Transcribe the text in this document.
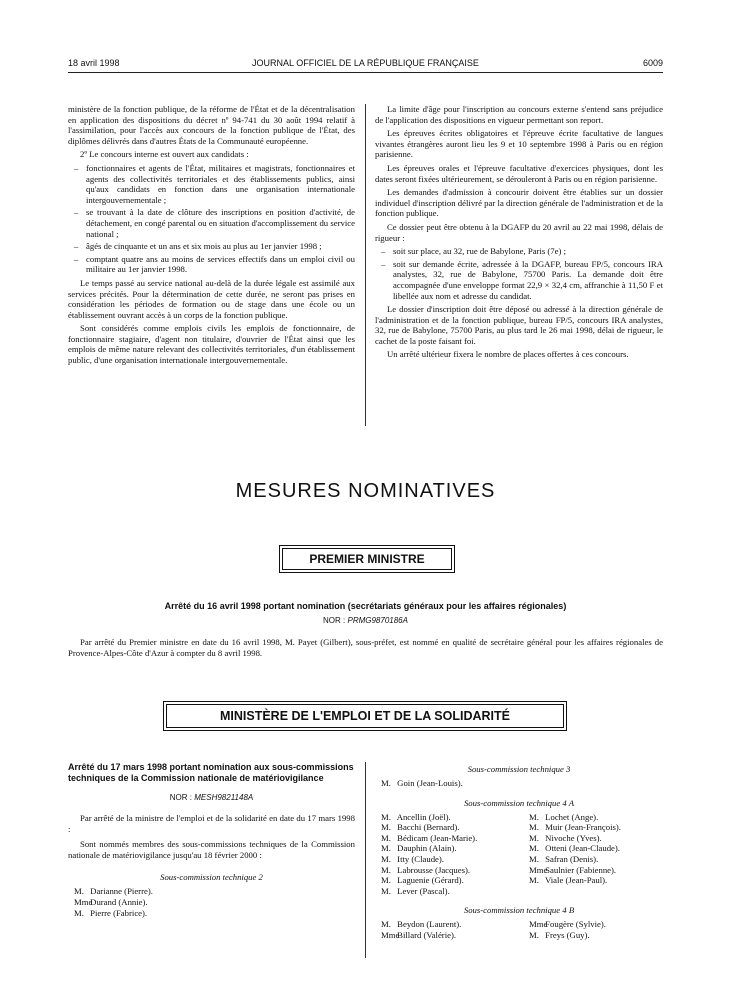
18 avril 1998	JOURNAL OFFICIEL DE LA RÉPUBLIQUE FRANÇAISE	6009

ministère de la fonction publique, de la réforme de l'État et de la décentralisation en application des dispositions du décret nº 94-741 du 30 août 1994 relatif à l'assimilation, pour l'accès aux concours de la fonction publique de l'État, des diplômes délivrés dans d'autres États de la Communauté européenne.

2º Le concours interne est ouvert aux candidats :

– fonctionnaires et agents de l'État, militaires et magistrats, fonctionnaires et agents des collectivités territoriales et des établissements publics, ainsi qu'aux candidats en fonction dans une organisation internationale intergouvernementale ;
– se trouvant à la date de clôture des inscriptions en position d'activité, de détachement, en congé parental ou en situation d'accomplissement du service national ;
– âgés de cinquante et un ans et six mois au plus au 1er janvier 1998 ;
– comptant quatre ans au moins de services effectifs dans un emploi civil ou militaire au 1er janvier 1998.

Le temps passé au service national au-delà de la durée légale est assimilé aux services précités. Pour la détermination de cette durée, ne seront pas prises en considération les périodes de formation ou de stage dans une école ou un établissement ouvrant accès à un corps de la fonction publique.

Sont considérés comme emplois civils les emplois de fonctionnaire, de fonctionnaire stagiaire, d'agent non titulaire, d'ouvrier de l'État ainsi que les emplois de même nature relevant des collectivités territoriales, d'un établissement public, d'une organisation internationale intergouvernementale.

La limite d'âge pour l'inscription au concours externe s'entend sans préjudice de l'application des dispositions en vigueur permettant son report.

Les épreuves écrites obligatoires et l'épreuve écrite facultative de langues vivantes étrangères auront lieu les 9 et 10 septembre 1998 à Paris ou en région parisienne.

Les épreuves orales et l'épreuve facultative d'exercices physiques, dont les dates seront fixées ultérieurement, se dérouleront à Paris ou en région parisienne.

Les demandes d'admission à concourir doivent être établies sur un dossier individuel d'inscription délivré par la direction générale de l'administration et de la fonction publique.

Ce dossier peut être obtenu à la DGAFP du 20 avril au 22 mai 1998, délais de rigueur :

– soit sur place, au 32, rue de Babylone, Paris (7e) ;
– soit sur demande écrite, adressée à la DGAFP, bureau FP/5, concours IRA analystes, 32, rue de Babylone, 75700 Paris. La demande doit être accompagnée d'une enveloppe format 22,9 × 32,4 cm, affranchie à 11,50 F et libellée aux nom et adresse du candidat.

Le dossier d'inscription doit être déposé ou adressé à la direction générale de l'administration et de la fonction publique, bureau FP/5, concours IRA analystes, 32, rue de Babylone, 75700 Paris, au plus tard le 26 mai 1998, délai de rigueur, le cachet de la poste faisant foi.

Un arrêté ultérieur fixera le nombre de places offertes à ces concours.

MESURES NOMINATIVES
PREMIER MINISTRE
Arrêté du 16 avril 1998 portant nomination (secrétariats généraux pour les affaires régionales)
NOR : PRMG9870186A
Par arrêté du Premier ministre en date du 16 avril 1998, M. Payet (Gilbert), sous-préfet, est nommé en qualité de secrétaire général pour les affaires régionales de Provence-Alpes-Côte d'Azur à compter du 8 avril 1998.
MINISTÈRE DE L'EMPLOI ET DE LA SOLIDARITÉ
Arrêté du 17 mars 1998 portant nomination aux sous-commissions techniques de la Commission nationale de matériovigilance
NOR : MESH9821148A
Par arrêté de la ministre de l'emploi et de la solidarité en date du 17 mars 1998 :
Sont nommés membres des sous-commissions techniques de la Commission nationale de matériovigilance jusqu'au 18 février 2000 :
Sous-commission technique 2
M. Darianne (Pierre).
Mme Durand (Annie).
M. Pierre (Fabrice).
Sous-commission technique 3
M. Goin (Jean-Louis).
Sous-commission technique 4 A
M. Ancellin (Joël).
M. Bacchi (Bernard).
M. Bédicam (Jean-Marie).
M. Dauphin (Alain).
M. Itty (Claude).
M. Labrousse (Jacques).
M. Laguenie (Gérard).
M. Lever (Pascal).
M. Lochet (Ange).
M. Muir (Jean-François).
M. Nivoche (Yves).
M. Otteni (Jean-Claude).
M. Safran (Denis).
Mme Saulnier (Fabienne).
M. Viale (Jean-Paul).
Sous-commission technique 4 B
M. Beydon (Laurent).
Mme Billard (Valérie).
Mme Fougère (Sylvie).
M. Freys (Guy).
